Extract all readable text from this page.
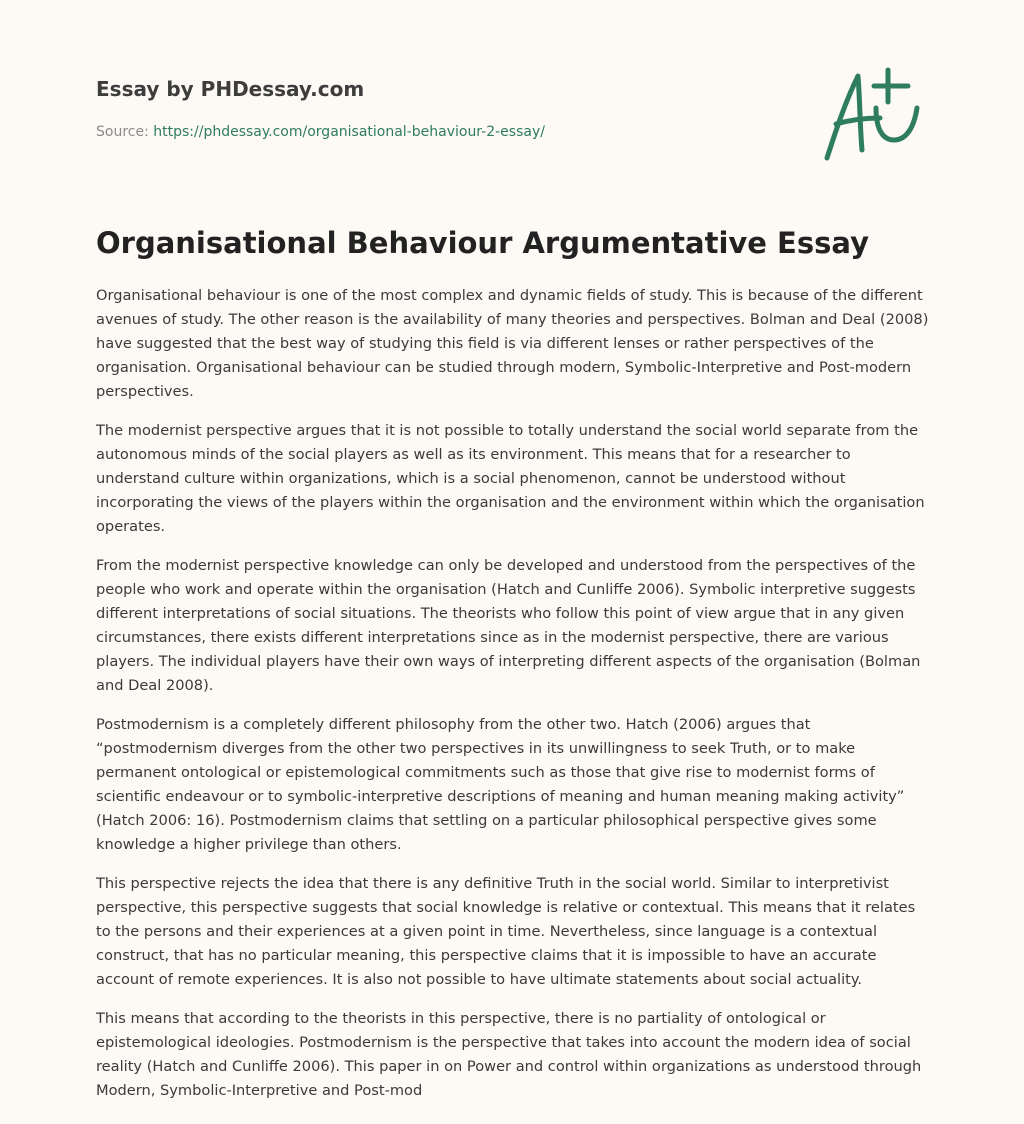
Essay by PHDessay.com
Source: https://phdessay.com/organisational-behaviour-2-essay/
Organisational Behaviour Argumentative Essay

Organisational behaviour is one of the most complex and dynamic fields of study. This is because of the different avenues of study. The other reason is the availability of many theories and perspectives. Bolman and Deal (2008) have suggested that the best way of studying this field is via different lenses or rather perspectives of the organisation. Organisational behaviour can be studied through modern, Symbolic-Interpretive and Post-modern perspectives.

The modernist perspective argues that it is not possible to totally understand the social world separate from the autonomous minds of the social players as well as its environment. This means that for a researcher to understand culture within organizations, which is a social phenomenon, cannot be understood without incorporating the views of the players within the organisation and the environment within which the organisation operates.

From the modernist perspective knowledge can only be developed and understood from the perspectives of the people who work and operate within the organisation (Hatch and Cunliffe 2006). Symbolic interpretive suggests different interpretations of social situations. The theorists who follow this point of view argue that in any given circumstances, there exists different interpretations since as in the modernist perspective, there are various players. The individual players have their own ways of interpreting different aspects of the organisation (Bolman and Deal 2008).

Postmodernism is a completely different philosophy from the other two. Hatch (2006) argues that “postmodernism diverges from the other two perspectives in its unwillingness to seek Truth, or to make permanent ontological or epistemological commitments such as those that give rise to modernist forms of scientific endeavour or to symbolic-interpretive descriptions of meaning and human meaning making activity” (Hatch 2006: 16). Postmodernism claims that settling on a particular philosophical perspective gives some knowledge a higher privilege than others.

This perspective rejects the idea that there is any definitive Truth in the social world. Similar to interpretivist perspective, this perspective suggests that social knowledge is relative or contextual. This means that it relates to the persons and their experiences at a given point in time. Nevertheless, since language is a contextual construct, that has no particular meaning, this perspective claims that it is impossible to have an accurate account of remote experiences. It is also not possible to have ultimate statements about social actuality.

This means that according to the theorists in this perspective, there is no partiality of ontological or epistemological ideologies. Postmodernism is the perspective that takes into account the modern idea of social reality (Hatch and Cunliffe 2006). This paper in on Power and control within organizations as understood through Modern, Symbolic-Interpretive and Post-mod
